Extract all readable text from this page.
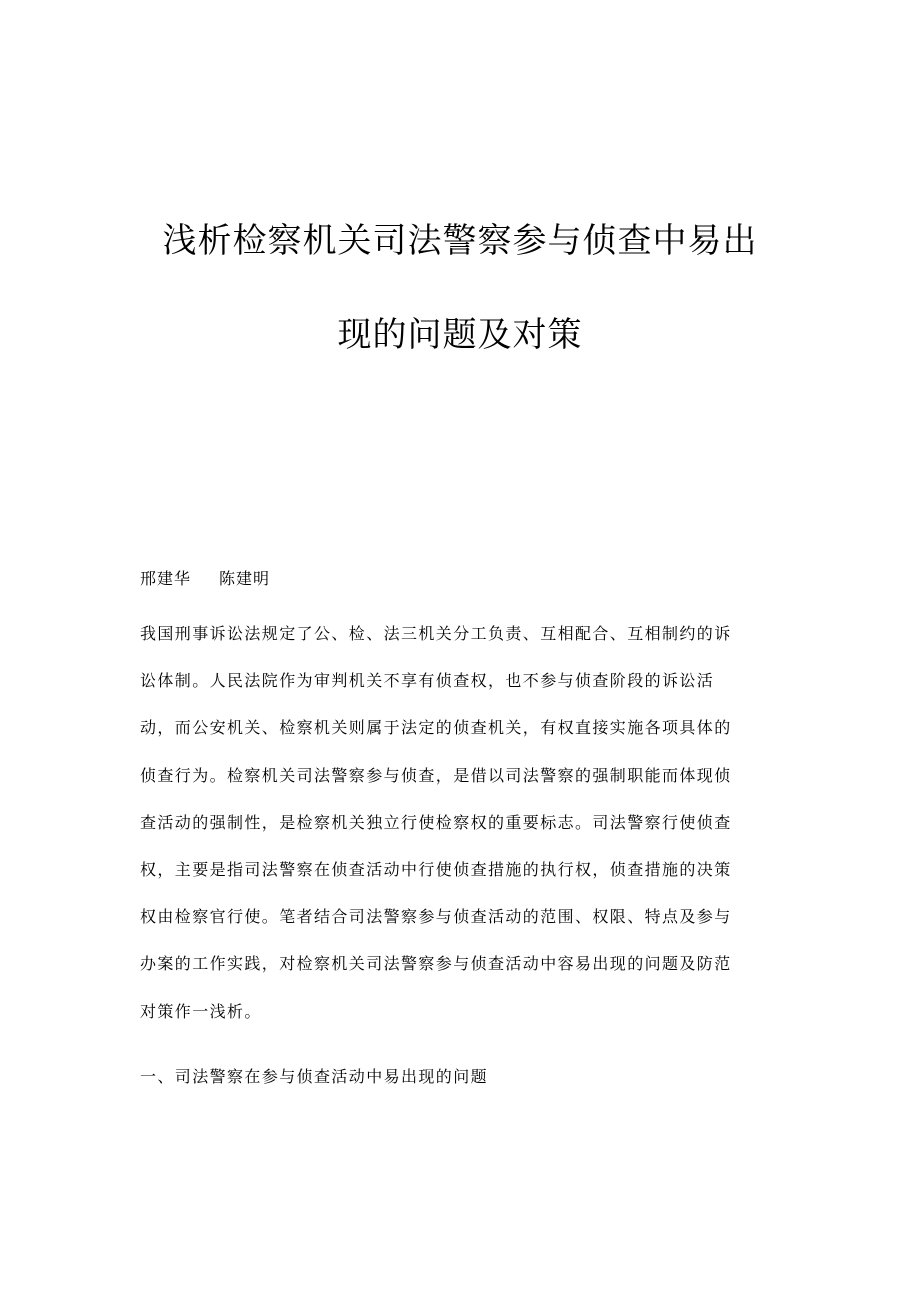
浅析检察机关司法警察参与侦查中易出
现的问题及对策
邢建华 陈建明
我国刑事诉讼法规定了公、检、法三机关分工负责、互相配合、互相制约的诉
讼体制。人民法院作为审判机关不享有侦查权，也不参与侦查阶段的诉讼活
动，而公安机关、检察机关则属于法定的侦查机关，有权直接实施各项具体的
侦查行为。检察机关司法警察参与侦查，是借以司法警察的强制职能而体现侦
查活动的强制性，是检察机关独立行使检察权的重要标志。司法警察行使侦查
权，主要是指司法警察在侦查活动中行使侦查措施的执行权，侦查措施的决策
权由检察官行使。笔者结合司法警察参与侦查活动的范围、权限、特点及参与
办案的工作实践，对检察机关司法警察参与侦查活动中容易出现的问题及防范
对策作一浅析。
一、司法警察在参与侦查活动中易出现的问题
